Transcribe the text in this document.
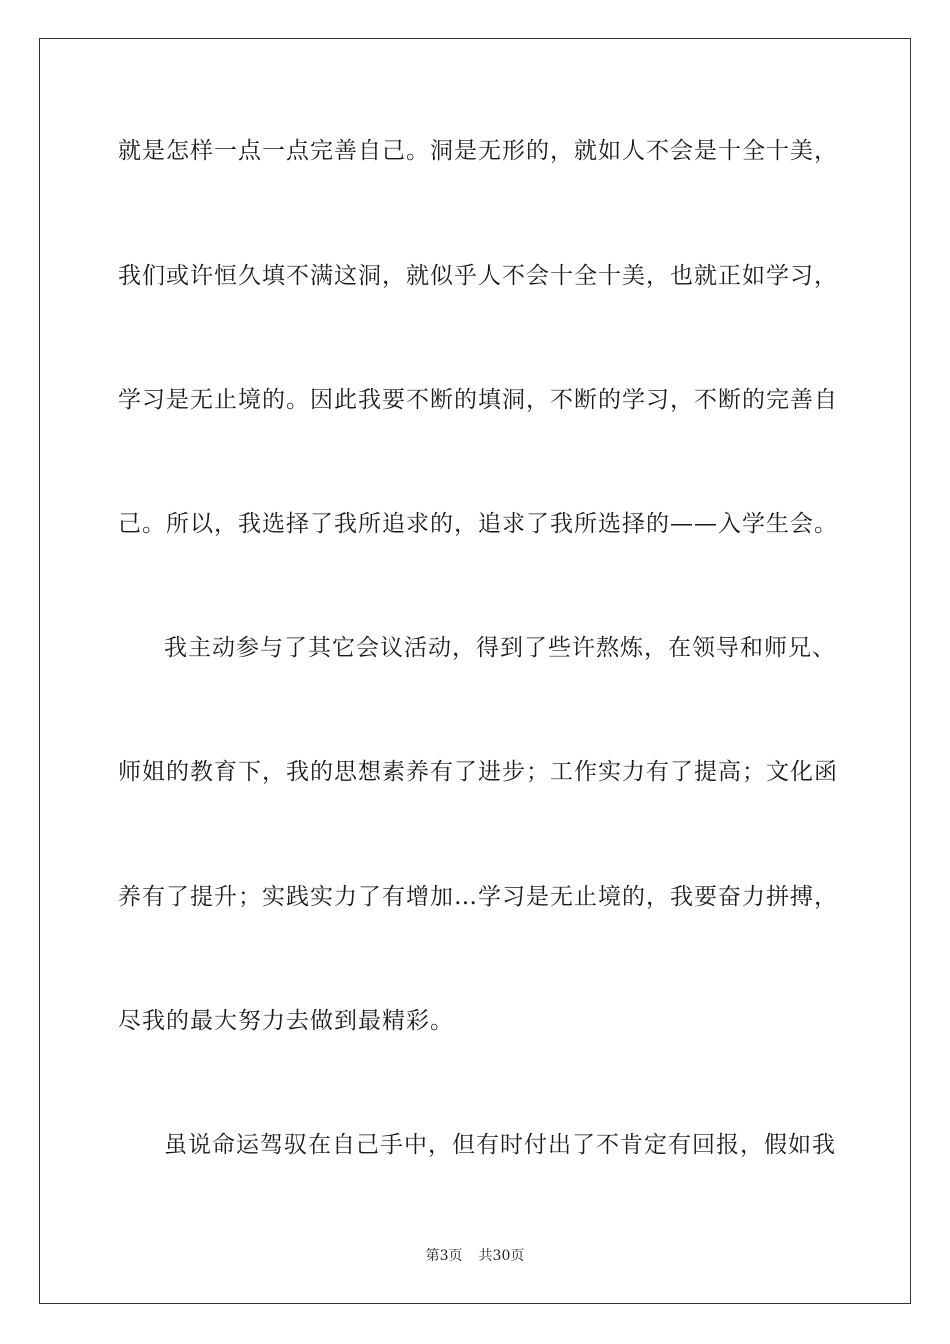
就是怎样一点一点完善自己。洞是无形的，就如人不会是十全十美，
我们或许恒久填不满这洞，就似乎人不会十全十美，也就正如学习，
学习是无止境的。因此我要不断的填洞，不断的学习，不断的完善自
己。所以，我选择了我所追求的，追求了我所选择的——入学生会。
我主动参与了其它会议活动，得到了些许熬炼，在领导和师兄、
师姐的教育下，我的思想素养有了进步；工作实力有了提高；文化函
养有了提升；实践实力了有增加…学习是无止境的，我要奋力拼搏，
尽我的最大努力去做到最精彩。
虽说命运驾驭在自己手中，但有时付出了不肯定有回报，假如我
第3页 共30页
